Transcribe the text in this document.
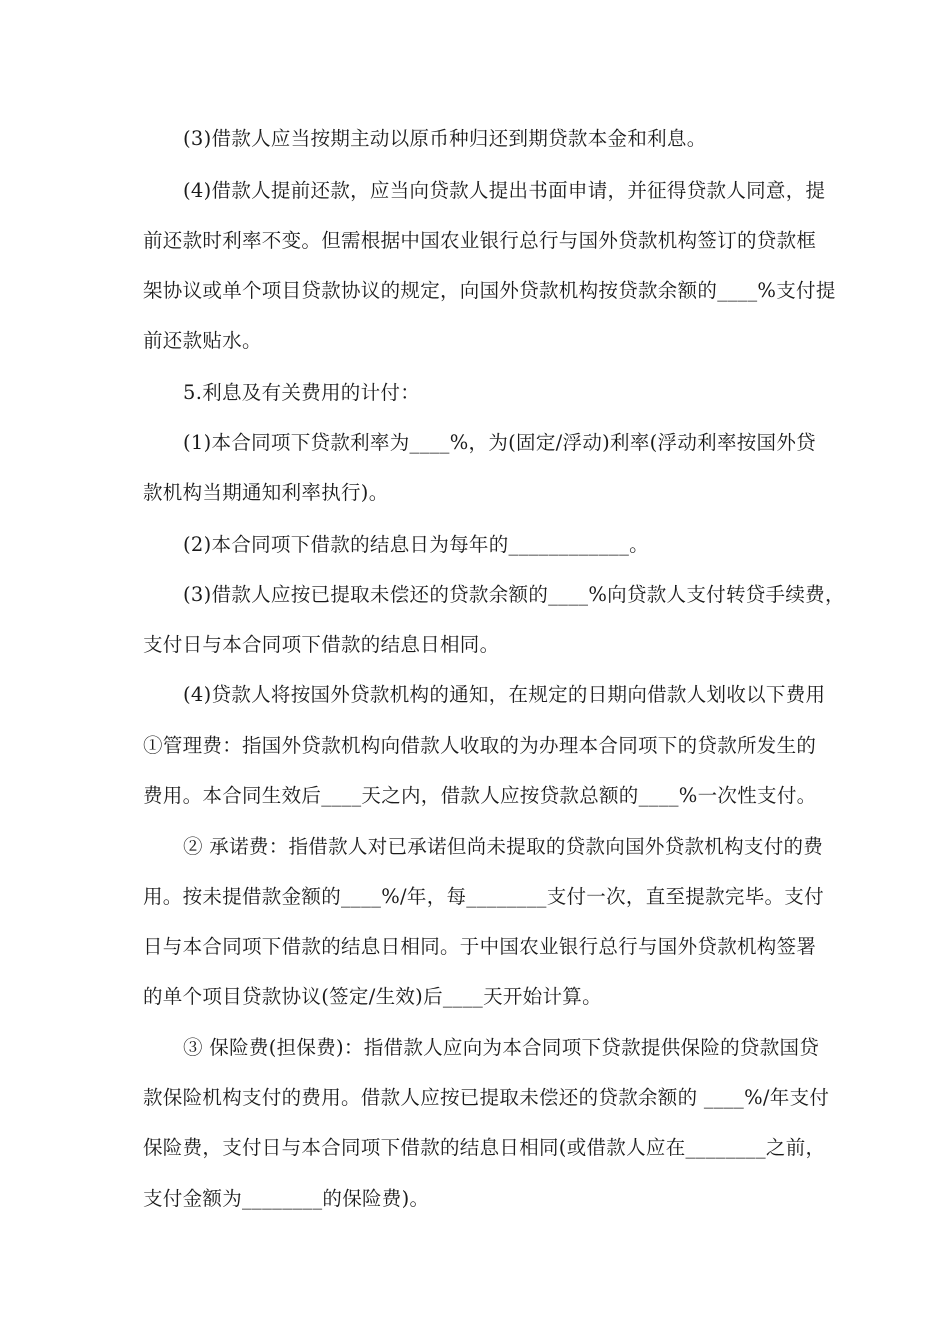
(3)借款人应当按期主动以原币种归还到期贷款本金和利息。
(4)借款人提前还款，应当向贷款人提出书面申请，并征得贷款人同意，提
前还款时利率不变。但需根据中国农业银行总行与国外贷款机构签订的贷款框
架协议或单个项目贷款协议的规定，向国外贷款机构按贷款余额的____%支付提
前还款贴水。
5.利息及有关费用的计付：
(1)本合同项下贷款利率为____%，为(固定/浮动)利率(浮动利率按国外贷
款机构当期通知利率执行)。
(2)本合同项下借款的结息日为每年的____________。
(3)借款人应按已提取未偿还的贷款余额的____%向贷款人支付转贷手续费，
支付日与本合同项下借款的结息日相同。
(4)贷款人将按国外贷款机构的通知，在规定的日期向借款人划收以下费用
①管理费：指国外贷款机构向借款人收取的为办理本合同项下的贷款所发生的
费用。本合同生效后____天之内，借款人应按贷款总额的____%一次性支付。
② 承诺费：指借款人对已承诺但尚未提取的贷款向国外贷款机构支付的费
用。按未提借款金额的____%/年，每________支付一次，直至提款完毕。支付
日与本合同项下借款的结息日相同。于中国农业银行总行与国外贷款机构签署
的单个项目贷款协议(签定/生效)后____天开始计算。
③ 保险费(担保费)：指借款人应向为本合同项下贷款提供保险的贷款国贷
款保险机构支付的费用。借款人应按已提取未偿还的贷款余额的 ____%/年支付
保险费，支付日与本合同项下借款的结息日相同(或借款人应在________之前，
支付金额为________的保险费)。
